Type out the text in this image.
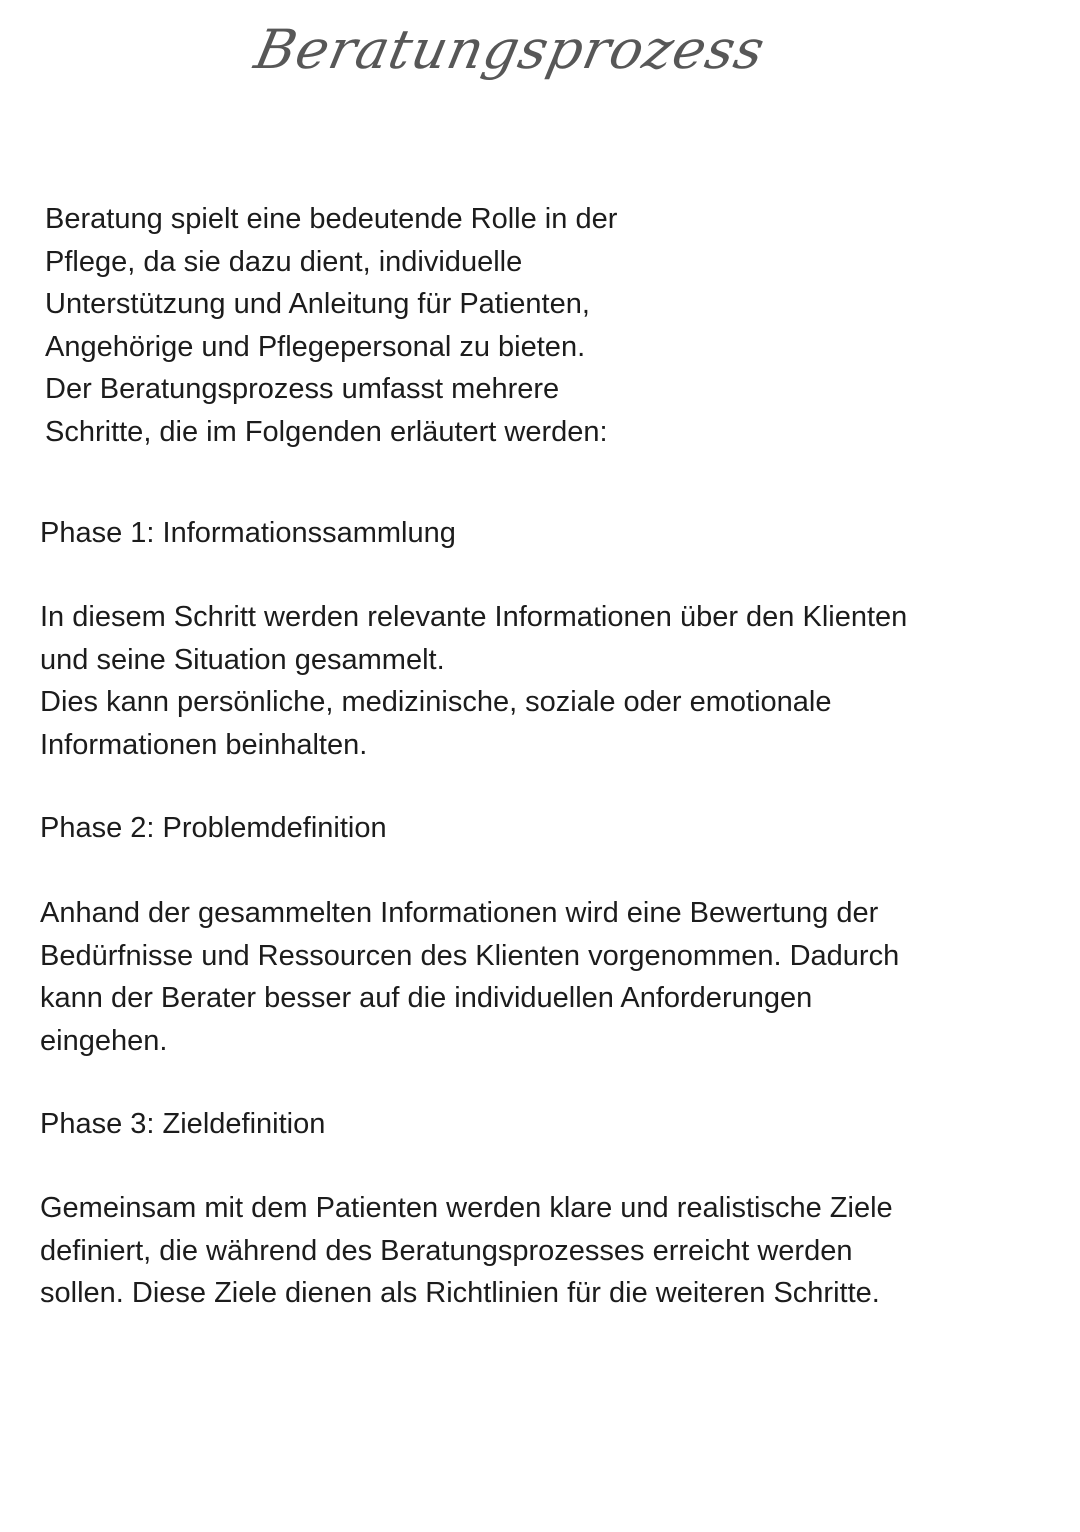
Beratungsprozess

Beratung spielt eine bedeutende Rolle in der
Pflege, da sie dazu dient, individuelle
Unterstützung und Anleitung für Patienten,
Angehörige und Pflegepersonal zu bieten.
Der Beratungsprozess umfasst mehrere
Schritte, die im Folgenden erläutert werden:

Phase 1: Informationssammlung

In diesem Schritt werden relevante Informationen über den Klienten
und seine Situation gesammelt.
Dies kann persönliche, medizinische, soziale oder emotionale
Informationen beinhalten.

Phase 2: Problemdefinition

Anhand der gesammelten Informationen wird eine Bewertung der
Bedürfnisse und Ressourcen des Klienten vorgenommen. Dadurch
kann der Berater besser auf die individuellen Anforderungen
eingehen.

Phase 3: Zieldefinition

Gemeinsam mit dem Patienten werden klare und realistische Ziele
definiert, die während des Beratungsprozesses erreicht werden
sollen. Diese Ziele dienen als Richtlinien für die weiteren Schritte.
